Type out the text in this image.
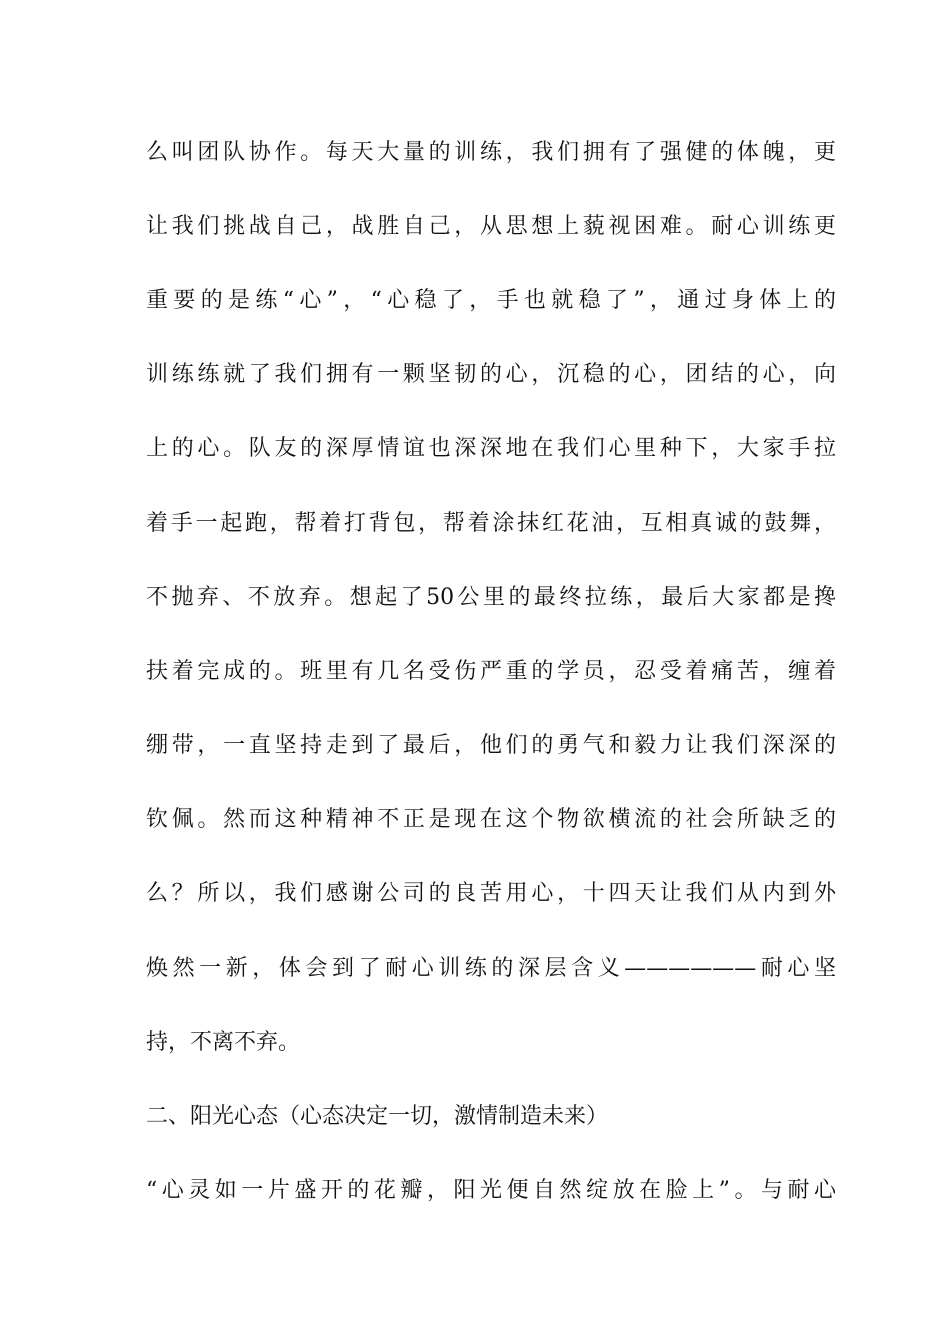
么叫团队协作。每天大量的训练，我们拥有了强健的体魄，更
让我们挑战自己，战胜自己，从思想上藐视困难。耐心训练更
重要的是练“心”，“心稳了，手也就稳了”，通过身体上的
训练练就了我们拥有一颗坚韧的心，沉稳的心，团结的心，向
上的心。队友的深厚情谊也深深地在我们心里种下，大家手拉
着手一起跑，帮着打背包，帮着涂抹红花油，互相真诚的鼓舞，
不抛弃、不放弃。想起了50公里的最终拉练，最后大家都是搀
扶着完成的。班里有几名受伤严重的学员，忍受着痛苦，缠着
绷带，一直坚持走到了最后，他们的勇气和毅力让我们深深的
钦佩。然而这种精神不正是现在这个物欲横流的社会所缺乏的
么？所以，我们感谢公司的良苦用心，十四天让我们从内到外
焕然一新，体会到了耐心训练的深层含义——————耐心坚
持，不离不弃。
二、阳光心态（心态决定一切，激情制造未来）
“心灵如一片盛开的花瓣，阳光便自然绽放在脸上”。与耐心
